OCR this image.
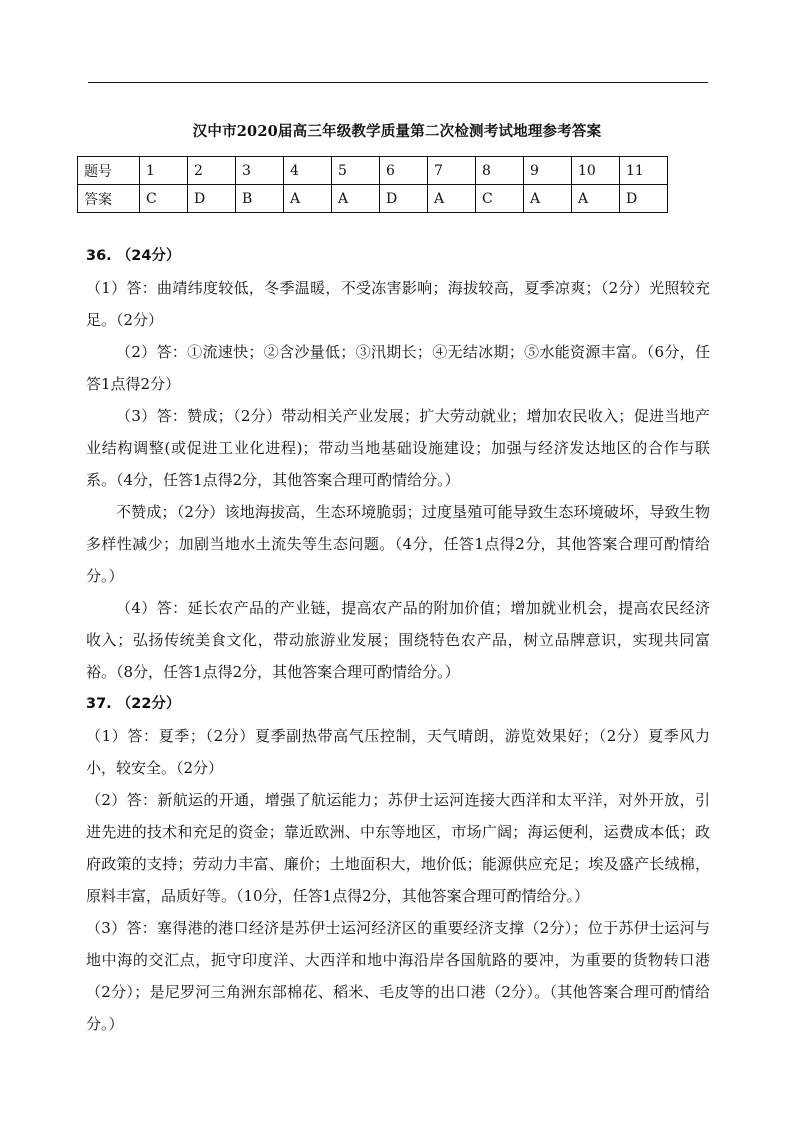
汉中市2020届高三年级教学质量第二次检测考试地理参考答案
题号	1	2	3	4	5	6	7	8	9	10	11
答案	C	D	B	A	A	D	A	C	A	A	D

36. （24分）

（1）答：曲靖纬度较低，冬季温暖，不受冻害影响；海拔较高，夏季凉爽；（2分）光照较充足。（2分）

（2）答：①流速快；②含沙量低；③汛期长；④无结冰期；⑤水能资源丰富。（6分，任答1点得2分）

（3）答：赞成；（2分）带动相关产业发展；扩大劳动就业；增加农民收入；促进当地产业结构调整(或促进工业化进程)；带动当地基础设施建设；加强与经济发达地区的合作与联系。（4分，任答1点得2分，其他答案合理可酌情给分。）

不赞成；（2分）该地海拔高，生态环境脆弱；过度垦殖可能导致生态环境破坏，导致生物多样性减少；加剧当地水土流失等生态问题。（4分，任答1点得2分，其他答案合理可酌情给分。）

（4）答：延长农产品的产业链，提高农产品的附加价值；增加就业机会，提高农民经济收入；弘扬传统美食文化，带动旅游业发展；围绕特色农产品，树立品牌意识，实现共同富裕。（8分，任答1点得2分，其他答案合理可酌情给分。）

37. （22分）

（1）答：夏季；（2分）夏季副热带高气压控制，天气晴朗，游览效果好；（2分）夏季风力小，较安全。（2分）

（2）答：新航运的开通，增强了航运能力；苏伊士运河连接大西洋和太平洋，对外开放，引进先进的技术和充足的资金；靠近欧洲、中东等地区，市场广阔；海运便利，运费成本低；政府政策的支持；劳动力丰富、廉价；土地面积大，地价低；能源供应充足；埃及盛产长绒棉，原料丰富，品质好等。（10分，任答1点得2分，其他答案合理可酌情给分。）

（3）答：塞得港的港口经济是苏伊士运河经济区的重要经济支撑（2分）；位于苏伊士运河与地中海的交汇点，扼守印度洋、大西洋和地中海沿岸各国航路的要冲，为重要的货物转口港（2分）；是尼罗河三角洲东部棉花、稻米、毛皮等的出口港（2分）。（其他答案合理可酌情给分。）
